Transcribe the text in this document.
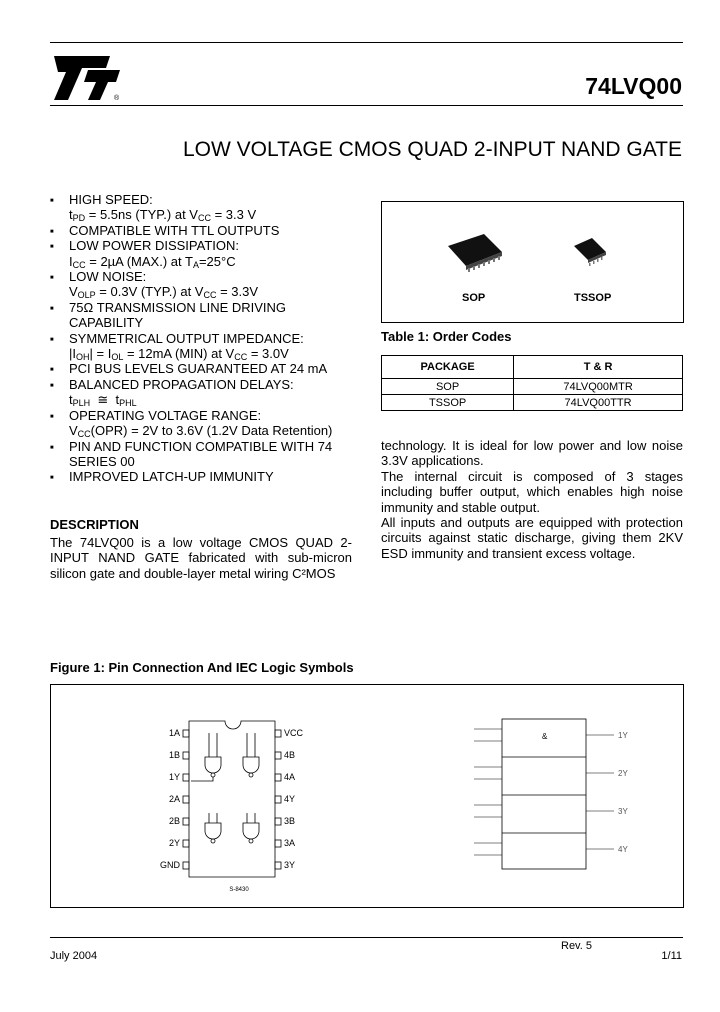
®	74LVQ00
LOW VOLTAGE CMOS QUAD 2-INPUT NAND GATE
■ HIGH SPEED:
$t_{PD} = 5.5ns$ (TYP.) at $V_{CC} = 3.3$ V
■ COMPATIBLE WITH TTL OUTPUTS
■ LOW POWER DISSIPATION:
$I_{CC} = 2\mu A$ (MAX.) at $T_A=25^\circ C$
■ LOW NOISE:
$V_{OLP} = 0.3V$ (TYP.) at $V_{CC} = 3.3V$
■ 75Ω TRANSMISSION LINE DRIVING CAPABILITY
■ SYMMETRICAL OUTPUT IMPEDANCE:
$|I_{OH}| = I_{OL} = 12mA$ (MIN) at $V_{CC} = 3.0V$
■ PCI BUS LEVELS GUARANTEED AT 24 mA
■ BALANCED PROPAGATION DELAYS:
$t_{PLH}$  ≅  $t_{PHL}$
■ OPERATING VOLTAGE RANGE:
$V_{CC}(OPR) = 2V$ to 3.6V (1.2V Data Retention)
■ PIN AND FUNCTION COMPATIBLE WITH 74 SERIES 00
■ IMPROVED LATCH-UP IMMUNITY
SOP	TSSOP
Table 1: Order Codes
PACKAGE	T & R
SOP	74LVQ00MTR
TSSOP	74LVQ00TTR
DESCRIPTION
The 74LVQ00 is a low voltage CMOS QUAD 2-INPUT NAND GATE fabricated with sub-micron silicon gate and double-layer metal wiring C²MOS
technology. It is ideal for low power and low noise 3.3V applications.
The internal circuit is composed of 3 stages including buffer output, which enables high noise immunity and stable output.
All inputs and outputs are equipped with protection circuits against static discharge, giving them 2KV ESD immunity and transient excess voltage.
Figure 1: Pin Connection And IEC Logic Symbols
1A	VCC
1B	4B
1Y	4A
2A	4Y
2B	3B
2Y	3A
GND	3Y
S-8430
&	1Y
2Y
3Y
4Y
July 2004
Rev. 5
1/11
